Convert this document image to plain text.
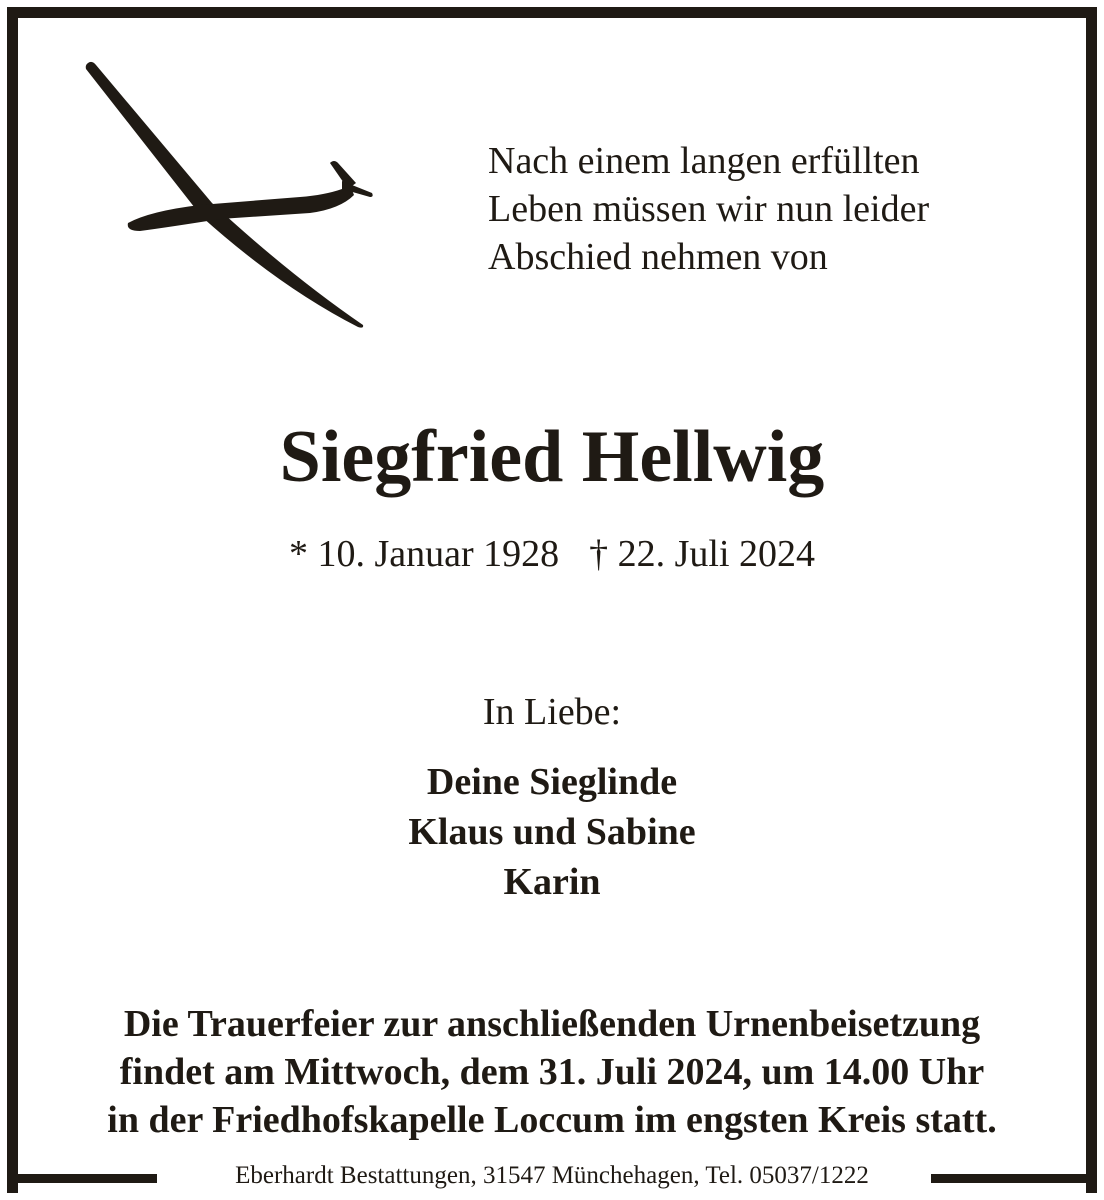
Nach einem langen erfüllten
Leben müssen wir nun leider
Abschied nehmen von
Siegfried Hellwig
* 10. Januar 1928 † 22. Juli 2024
In Liebe:
Deine Sieglinde
Klaus und Sabine
Karin
Die Trauerfeier zur anschließenden Urnenbeisetzung
findet am Mittwoch, dem 31. Juli 2024, um 14.00 Uhr
in der Friedhofskapelle Loccum im engsten Kreis statt.
Eberhardt Bestattungen, 31547 Münchehagen, Tel. 05037/1222
